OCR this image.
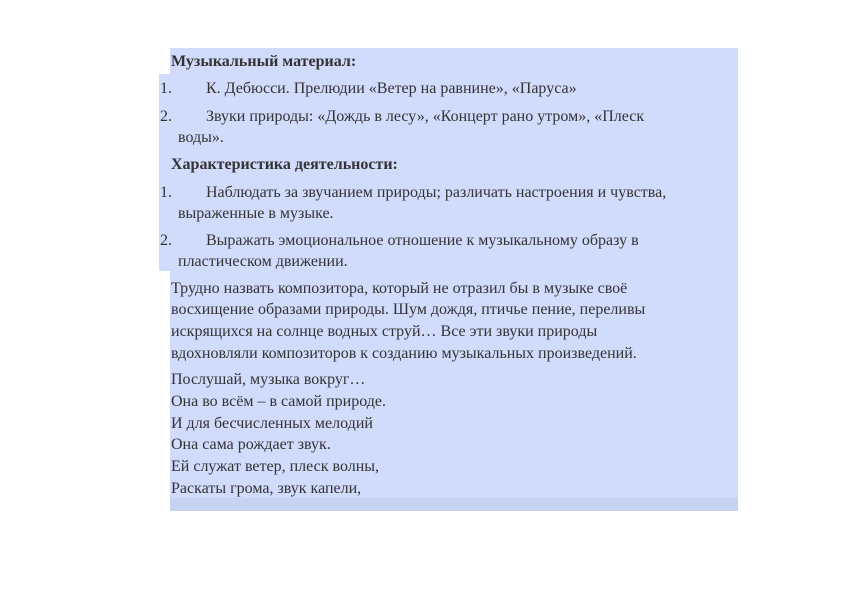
Музыкальный материал:
1. К. Дебюсси. Прелюдии «Ветер на равнине», «Паруса»
2. Звуки природы: «Дождь в лесу», «Концерт рано утром», «Плеск
воды».
Характеристика деятельности:
1. Наблюдать за звучанием природы; различать настроения и чувства,
выраженные в музыке.
2. Выражать эмоциональное отношение к музыкальному образу в
пластическом движении.
Трудно назвать композитора, который не отразил бы в музыке своё
восхищение образами природы. Шум дождя, птичье пение, переливы
искрящихся на солнце водных струй… Все эти звуки природы
вдохновляли композиторов к созданию музыкальных произведений.
Послушай, музыка вокруг…
Она во всём – в самой природе.
И для бесчисленных мелодий
Она сама рождает звук.
Ей служат ветер, плеск волны,
Раскаты грома, звук капели,
